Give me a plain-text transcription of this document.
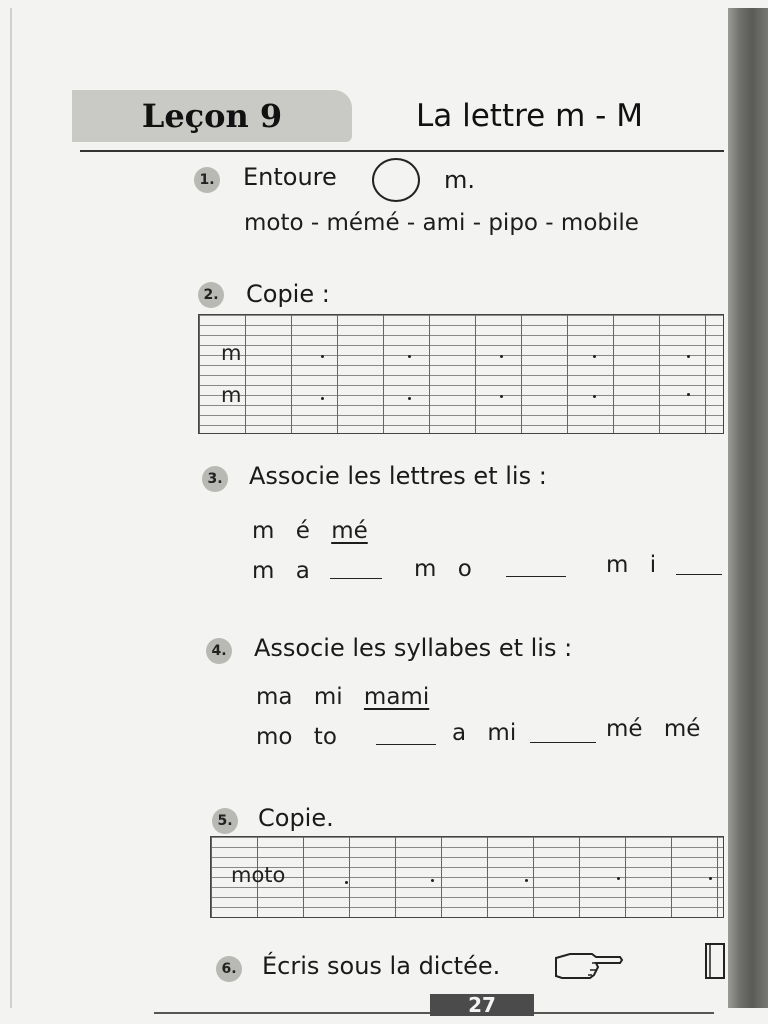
Leçon 9	La lettre m - M
1. Entoure	m.
moto - mémé - ami - pipo - mobile
2. Copie :
m
m
3. Associe les lettres et lis :
m é mé
m a	m o	m i
4. Associe les syllabes et lis :
ma mi mami
mo to	a mi	mé mé
5. Copie.
moto
6. Écris sous la dictée.
27
